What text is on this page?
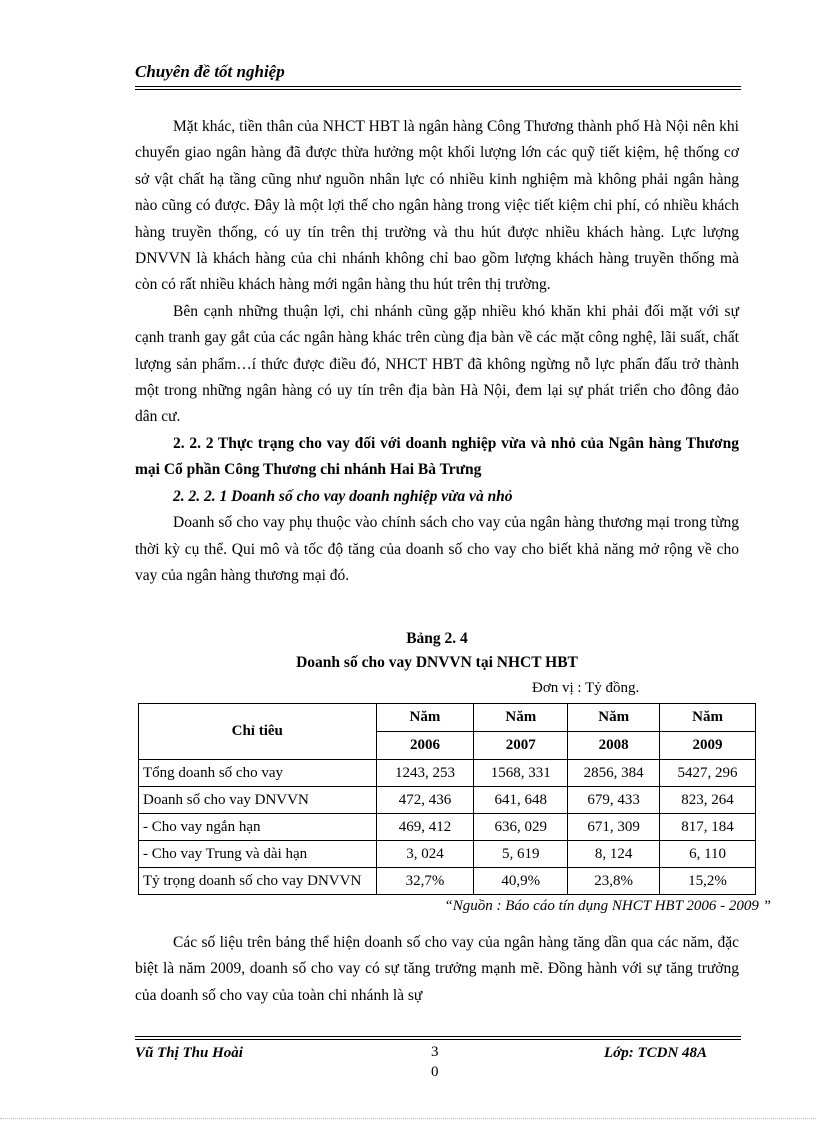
Chuyên đề tốt nghiệp

Mặt khác, tiền thân của NHCT HBT là ngân hàng Công Thương thành phố Hà Nội nên khi chuyển giao ngân hàng đã được thừa hưởng một khối lượng lớn các quỹ tiết kiệm, hệ thống cơ sở vật chất hạ tầng cũng như nguồn nhân lực có nhiều kinh nghiệm mà không phải ngân hàng nào cũng có được. Đây là một lợi thế cho ngân hàng trong việc tiết kiệm chi phí, có nhiều khách hàng truyền thống, có uy tín trên thị trường và thu hút được nhiều khách hàng. Lực lượng DNVVN là khách hàng của chi nhánh không chỉ bao gồm lượng khách hàng truyền thống mà còn có rất nhiều khách hàng mới ngân hàng thu hút trên thị trường.

Bên cạnh những thuận lợi, chi nhánh cũng gặp nhiều khó khăn khi phải đối mặt với sự cạnh tranh gay gắt của các ngân hàng khác trên cùng địa bàn về các mặt công nghệ, lãi suất, chất lượng sản phẩm…í thức được điều đó, NHCT HBT đã không ngừng nỗ lực phấn đấu trở thành một trong những ngân hàng có uy tín trên địa bàn Hà Nội, đem lại sự phát triển cho đông đảo dân cư.

2. 2. 2 Thực trạng cho vay đối với doanh nghiệp vừa và nhỏ của Ngân hàng Thương mại Cổ phần Công Thương chi nhánh Hai Bà Trưng

2. 2. 2. 1 Doanh số cho vay doanh nghiệp vừa và nhỏ

Doanh số cho vay phụ thuộc vào chính sách cho vay của ngân hàng thương mại trong từng thời kỳ cụ thể. Qui mô và tốc độ tăng của doanh số cho vay cho biết khả năng mở rộng về cho vay của ngân hàng thương mại đó.

Bảng 2. 4
Doanh số cho vay DNVVN tại NHCT HBT
Đơn vị : Tỷ đồng.
Chỉ tiêu	Năm	Năm	Năm	Năm
	2006	2007	2008	2009
Tổng doanh số cho vay	1243, 253	1568, 331	2856, 384	5427, 296
Doanh số cho vay DNVVN	472, 436	641, 648	679, 433	823, 264
- Cho vay ngắn hạn	469, 412	636, 029	671, 309	817, 184
- Cho vay Trung và dài hạn	3, 024	5, 619	8, 124	6, 110
Tỷ trọng doanh số cho vay DNVVN	32,7%	40,9%	23,8%	15,2%
“Nguồn : Báo cáo tín dụng NHCT HBT 2006 - 2009 ”

Các số liệu trên bảng thể hiện doanh số cho vay của ngân hàng tăng dần qua các năm, đặc biệt là năm 2009, doanh số cho vay có sự tăng trưởng mạnh mẽ. Đồng hành với sự tăng trưởng của doanh số cho vay của toàn chi nhánh là sự

Vũ Thị Thu Hoài	30
Lớp: TCDN 48A
